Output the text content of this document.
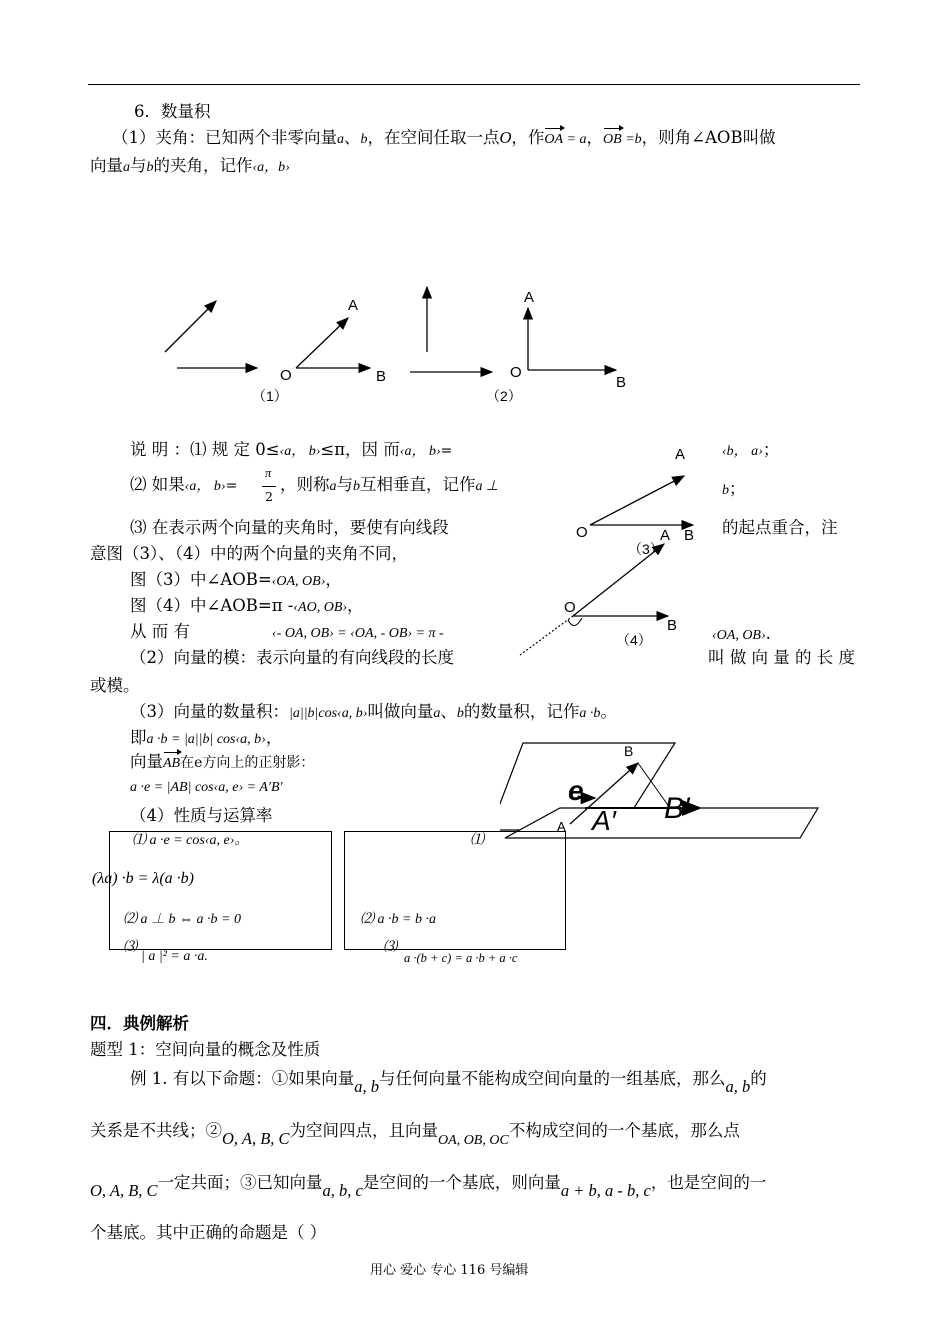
6．数量积
（1）夹角：已知两个非零向量a、b，在空间任取一点O，作OA = a，OB =b，则角∠AOB叫做
向量a与b的夹角，记作‹a，b›
A
O	B
（1）
A
O
B
（2）
说 明 ：⑴ 规 定 0≤‹a， b›≤π，因 而‹a， b›=	‹b， a›；
⑵ 如果‹a， b›=
π
2
，则称a与b互相垂直，记作a ⊥	b；
⑶ 在表示两个向量的夹角时，要使有向线段	的起点重合，注
意图（3）、（4）中的两个向量的夹角不同，
图（3）中∠AOB=‹OA, OB›，
图（4）中∠AOB=π -‹AO, OB›，
从 而 有	‹- OA, OB› = ‹OA, - OB› = π -	‹OA, OB›.
A
O	B
（3）
A
O
B
（4）
（2）向量的模：表示向量的有向线段的长度	叫 做 向 量 的 长 度
或模。
（3）向量的数量积：|a||b|cos‹a, b›叫做向量a、b的数量积，记作a ·b。
即a ·b = |a||b| cos‹a, b›，
向量AB在e方向上的正射影：
a ·e = |AB| cos‹a, e› = A′B′
B
A
e
A′ B′
（4）性质与运算率
⑴ a ·e = cos‹a, e›。
(λa) ·b = λ(a ·b)
⑵ a ⊥ b ⇔ a ·b = 0
⑶
| a |² = a ·a.
⑴
⑵ a ·b = b ·a
⑶
a ·(b + c) = a ·b + a ·c
四．典例解析
题型 1：空间向量的概念及性质
例 1. 有以下命题：①如果向量a, b与任何向量不能构成空间向量的一组基底，那么a, b的
关系是不共线；②O, A, B, C为空间四点，且向量$_{OA, OB, OC}$不构成空间的一个基底，那么点
O, A, B, C一定共面；③已知向量a, b, c是空间的一个基底，则向量a + b, a - b, c，也是空间的一
个基底。其中正确的命题是（ ）
用心 爱心 专心 116 号编辑
